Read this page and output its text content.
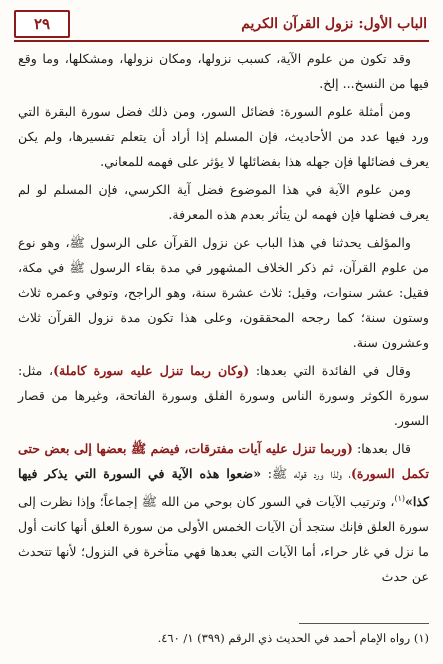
الباب الأول: نزول القرآن الكريم
٢٩

وقد تكون من علوم الآية، كسبب نزولها، ومكان نزولها، ومشكلها، وما وقع فيها من النسخ... إلخ.

ومن أمثلة علوم السورة: فضائل السور، ومن ذلك فضل سورة البقرة التي ورد فيها عدد من الأحاديث، فإن المسلم إذا أراد أن يتعلم تفسيرها، ولم يكن يعرف فضائلها فإن جهله هذا بفضائلها لا يؤثر على فهمه للمعاني.

ومن علوم الآية في هذا الموضوع فضل آية الكرسي، فإن المسلم لو لم يعرف فضلها فإن فهمه لن يتأثر بعدم هذه المعرفة.

والمؤلف يحدثنا في هذا الباب عن نزول القرآن على الرسول ﷺ، وهو نوع من علوم القرآن، ثم ذكر الخلاف المشهور في مدة بقاء الرسول ﷺ في مكة، فقيل: عشر سنوات، وقيل: ثلاث عشرة سنة، وهو الراجح، وتوفي وعمره ثلاث وستون سنة؛ كما رجحه المحققون، وعلى هذا تكون مدة نزول القرآن ثلاث وعشرون سنة.

وقال في الفائدة التي بعدها: (وكان ربما تنزل عليه سورة كاملة)، مثل: سورة الكوثر وسورة الناس وسورة الفلق وسورة الفاتحة، وغيرها من قصار السور.

قال بعدها: (وربما تنزل عليه آيات مفترقات، فيضم ﷺ بعضها إلى بعض حتى تكمل السورة)، ولذا ورد قوله ﷺ: «ضعوا هذه الآية في السورة التي يذكر فيها كذا»$^{(١)}$، وترتيب الآيات في السور كان بوحي من الله ﷺ إجماعاً؛ وإذا نظرت إلى سورة العلق فإنك ستجد أن الآيات الخمس الأولى من سورة العلق أنها كانت أول ما نزل في غار حراء، أما الآيات التي بعدها فهي متأخرة في النزول؛ لأنها تتحدث عن حدث

(١) رواه الإمام أحمد في الحديث ذي الرقم (٣٩٩) ١/ ٤٦٠.
